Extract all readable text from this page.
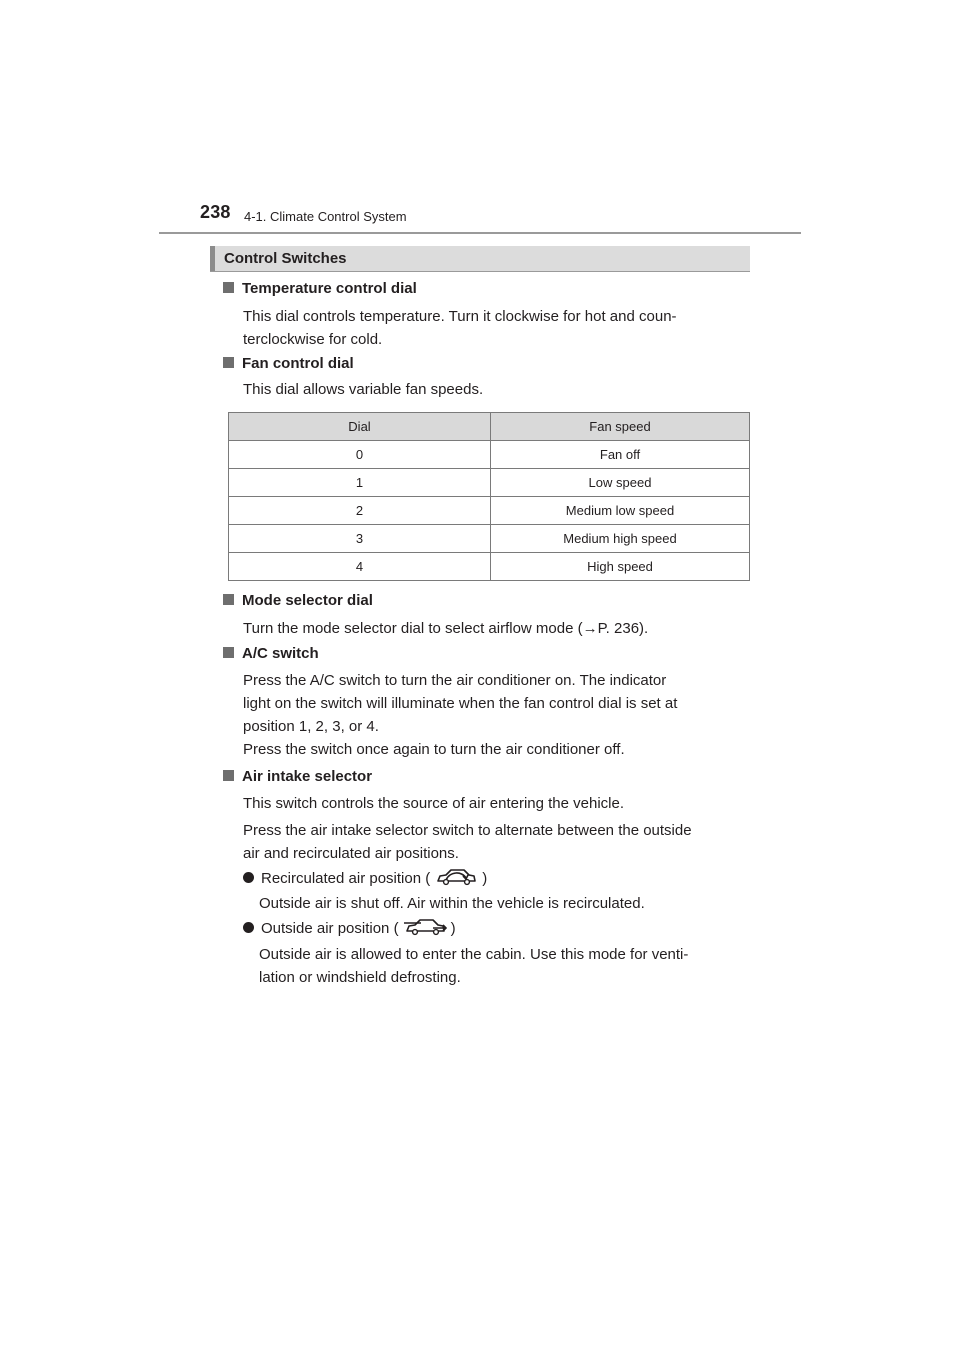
238 4-1. Climate Control System
Control Switches
Temperature control dial
This dial controls temperature. Turn it clockwise for hot and coun-
terclockwise for cold.
Fan control dial
This dial allows variable fan speeds.
Dial	Fan speed
0	Fan off
1	Low speed
2	Medium low speed
3	Medium high speed
4	High speed
Mode selector dial
Turn the mode selector dial to select airflow mode (→P. 236).
A/C switch
Press the A/C switch to turn the air conditioner on. The indicator
light on the switch will illuminate when the fan control dial is set at
position 1, 2, 3, or 4.
Press the switch once again to turn the air conditioner off.
Air intake selector
This switch controls the source of air entering the vehicle.
Press the air intake selector switch to alternate between the outside
air and recirculated air positions.
Recirculated air position (	)
Outside air is shut off. Air within the vehicle is recirculated.
Outside air position (	)
Outside air is allowed to enter the cabin. Use this mode for venti-
lation or windshield defrosting.
